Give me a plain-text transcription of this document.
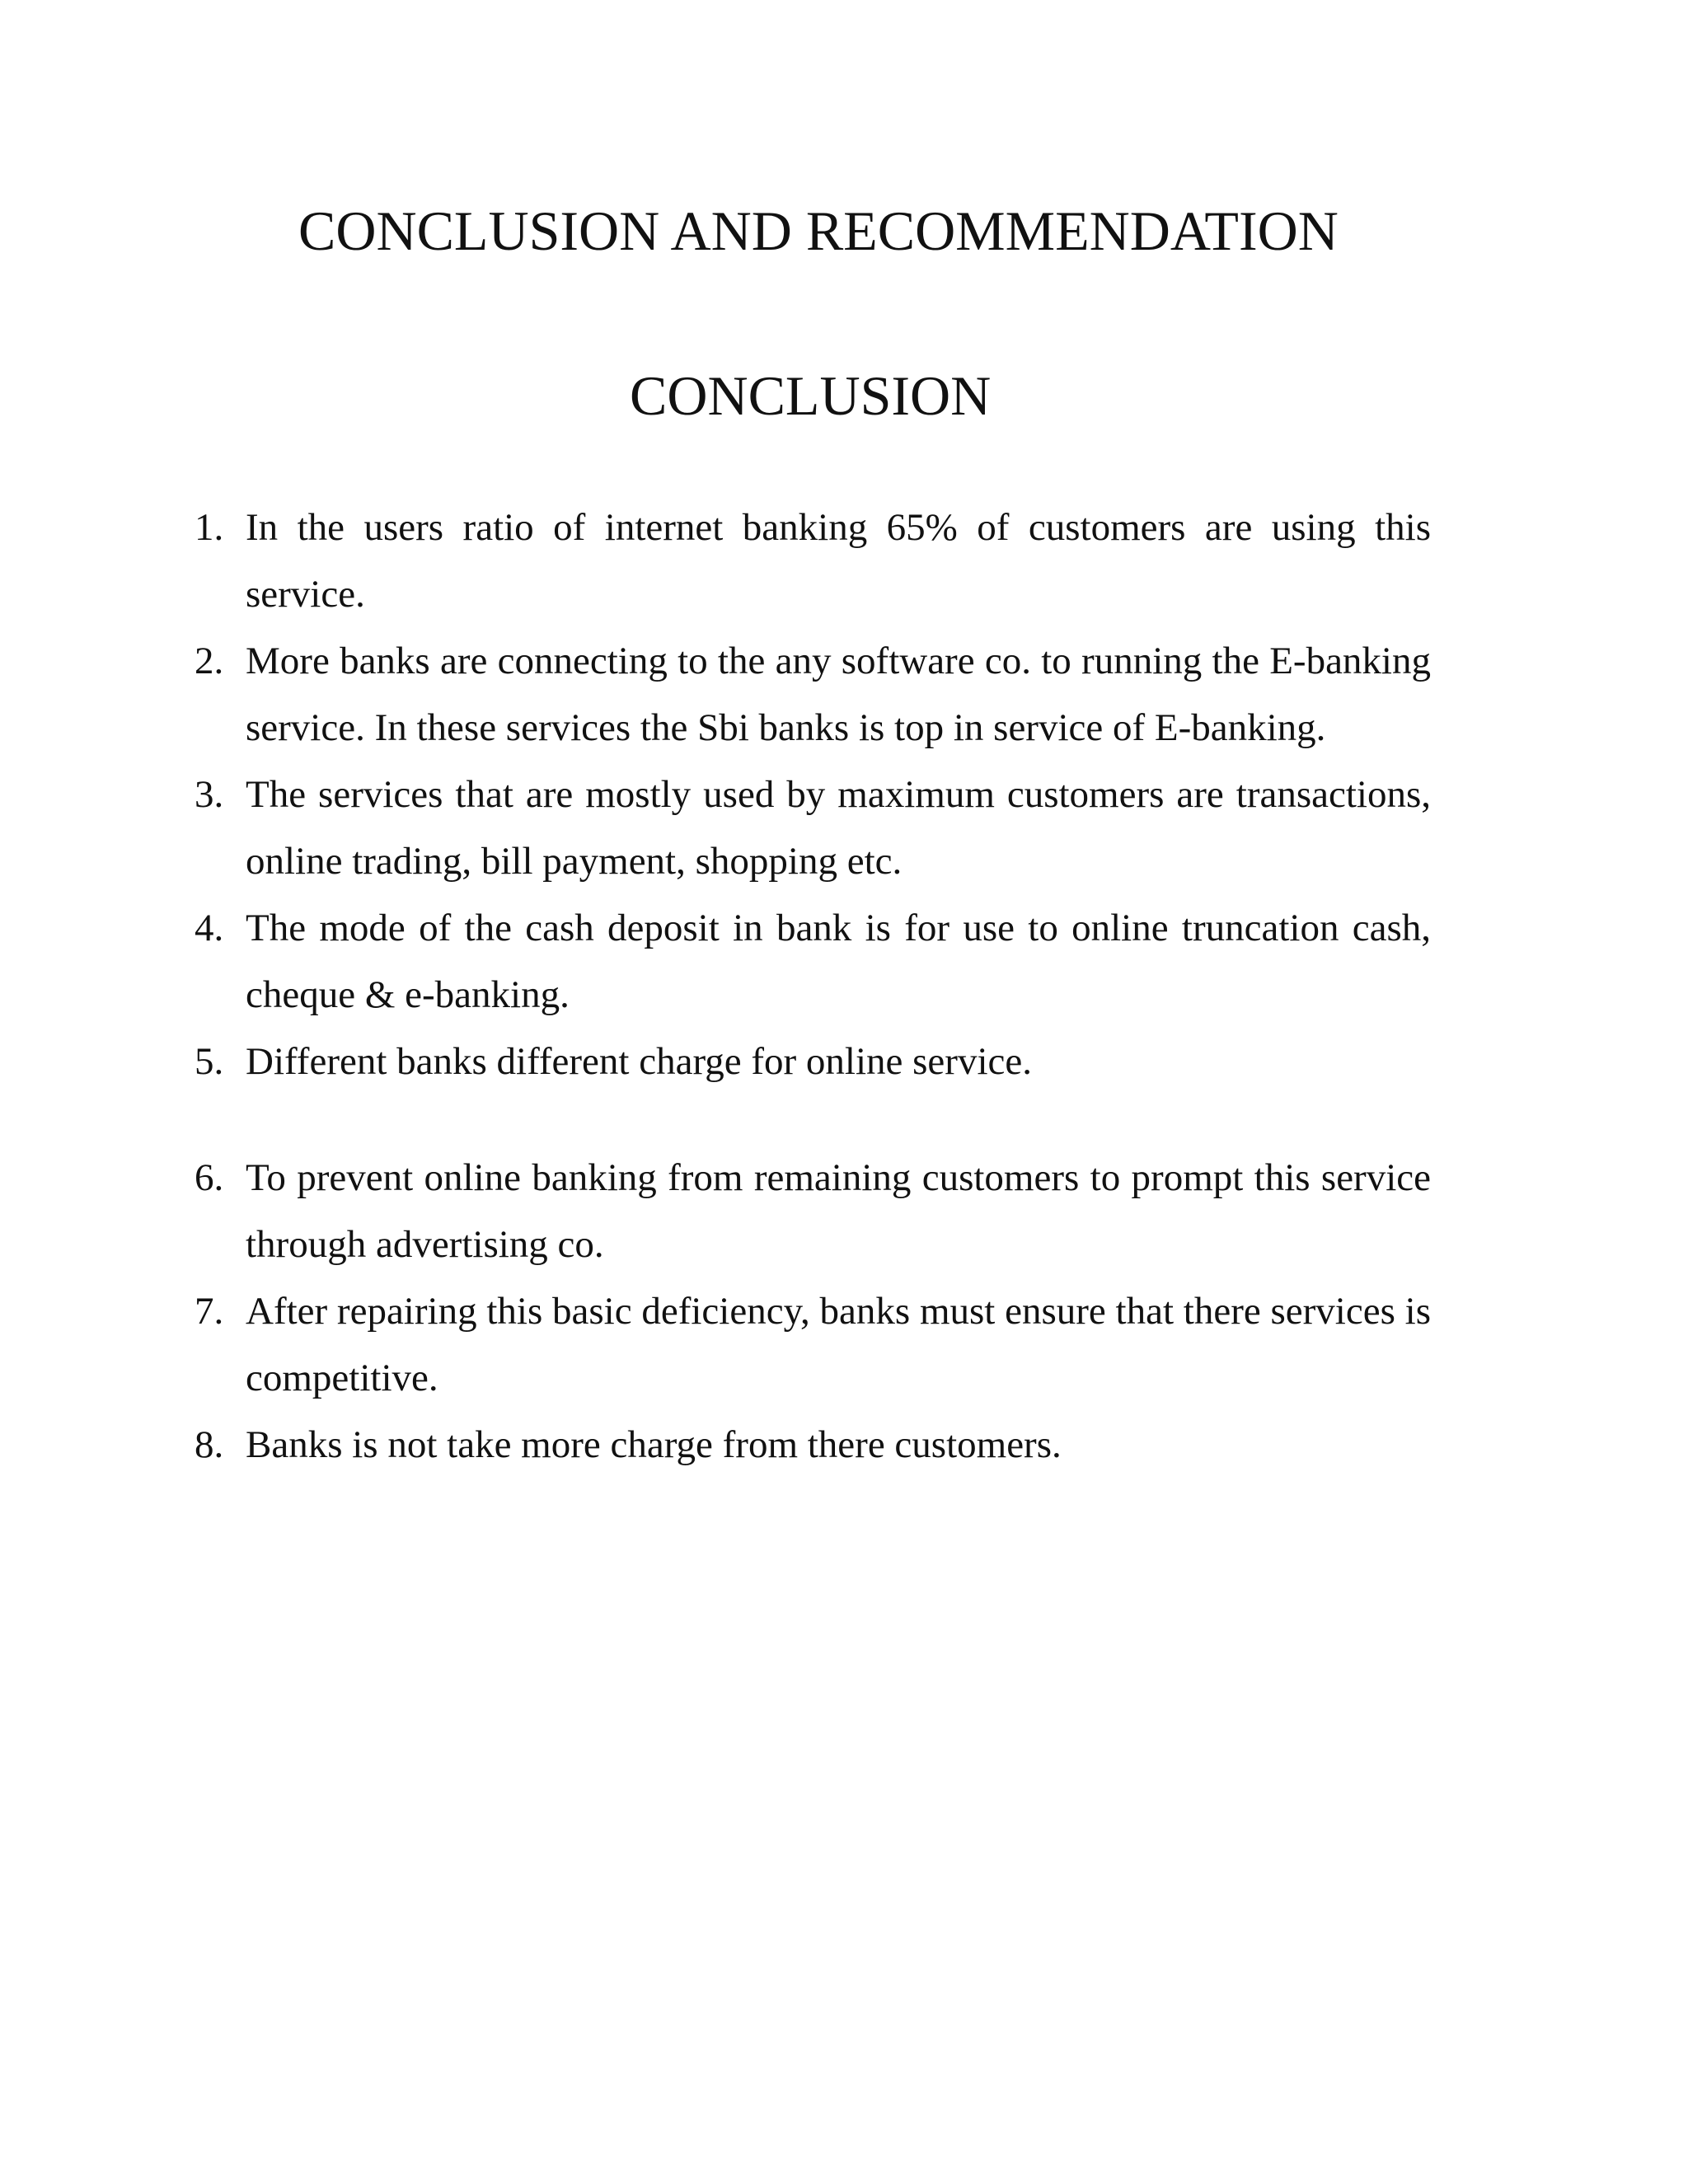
CONCLUSION AND RECOMMENDATION
CONCLUSION
1. In the users ratio of internet banking 65% of customers are using this service.
2. More banks are connecting to the any software co. to running the E-banking service. In these services the Sbi banks is top in service of E-banking.
3. The services that are mostly used by maximum customers are transactions, online trading, bill payment, shopping etc.
4. The mode of the cash deposit in bank is for use to online truncation cash, cheque & e-banking.
5. Different banks different charge for online service.
6. To prevent online banking from remaining customers to prompt this service through advertising co.
7. After repairing this basic deficiency, banks must ensure that there services is competitive.
8. Banks is not take more charge from there customers.
